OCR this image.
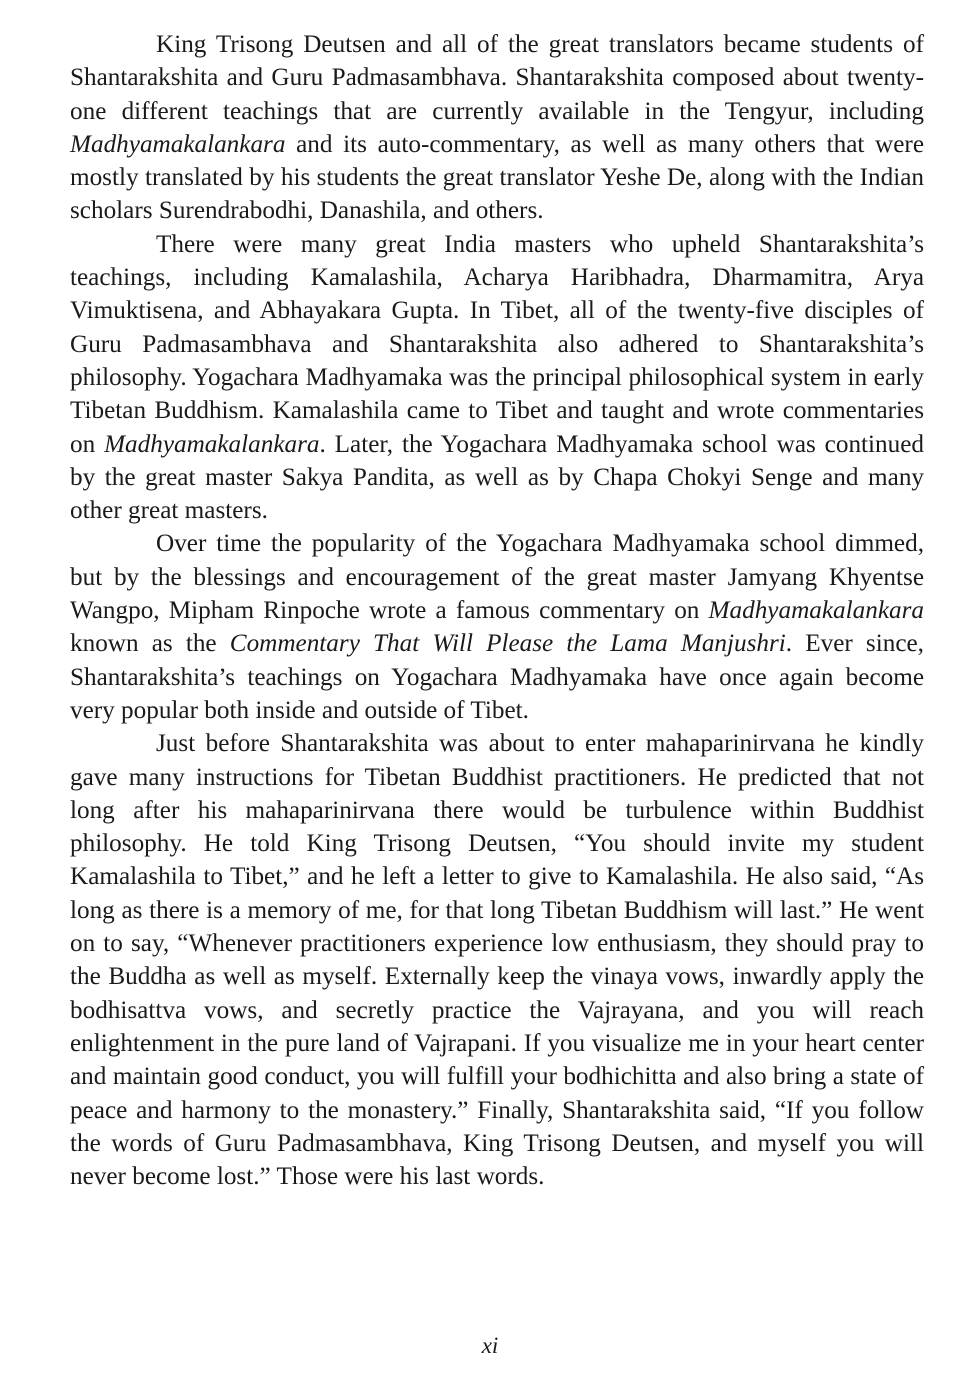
King Trisong Deutsen and all of the great translators became students of Shantarakshita and Guru Padmasambhava. Shantarakshita composed about twenty-one different teachings that are currently available in the Tengyur, including Madhyamakalankara and its auto-commentary, as well as many others that were mostly translated by his students the great translator Yeshe De, along with the Indian scholars Surendrabodhi, Danashila, and others.

There were many great India masters who upheld Shantarakshita’s teachings, including Kamalashila, Acharya Haribhadra, Dharmamitra, Arya Vimuktisena, and Abhayakara Gupta. In Tibet, all of the twenty-five disciples of Guru Padmasambhava and Shantarakshita also adhered to Shantarakshita’s philosophy. Yogachara Madhyamaka was the principal philosophical system in early Tibetan Buddhism. Kamalashila came to Tibet and taught and wrote commentaries on Madhyamakalankara. Later, the Yogachara Madhyamaka school was continued by the great master Sakya Pandita, as well as by Chapa Chokyi Senge and many other great masters.

Over time the popularity of the Yogachara Madhyamaka school dimmed, but by the blessings and encouragement of the great master Jamyang Khyentse Wangpo, Mipham Rinpoche wrote a famous commentary on Madhyamakalankara known as the Commentary That Will Please the Lama Manjushri. Ever since, Shantarakshita’s teachings on Yogachara Madhyamaka have once again become very popular both inside and outside of Tibet.

Just before Shantarakshita was about to enter mahaparinirvana he kindly gave many instructions for Tibetan Buddhist practitioners. He predicted that not long after his mahaparinirvana there would be turbulence within Buddhist philosophy. He told King Trisong Deutsen, “You should invite my student Kamalashila to Tibet,” and he left a letter to give to Kamalashila. He also said, “As long as there is a memory of me, for that long Tibetan Buddhism will last.” He went on to say, “Whenever practitioners experience low enthusiasm, they should pray to the Buddha as well as myself. Externally keep the vinaya vows, inwardly apply the bodhisattva vows, and secretly practice the Vajrayana, and you will reach enlightenment in the pure land of Vajrapani. If you visualize me in your heart center and maintain good conduct, you will fulfill your bodhichitta and also bring a state of peace and harmony to the monastery.” Finally, Shantarakshita said, “If you follow the words of Guru Padmasambhava, King Trisong Deutsen, and myself you will never become lost.” Those were his last words.

xi
